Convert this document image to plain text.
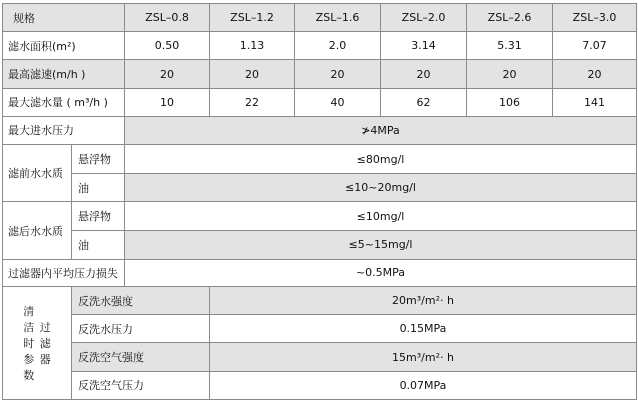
规格		ZSL–0.8	ZSL–1.2	ZSL–1.6	ZSL–2.0	ZSL–2.6	ZSL–3.0
滤水面积(m²)		0.50	1.13	2.0	3.14	5.31	7.07
最高滤速(m/h )		20	20	20	20	20	20
最大滤水量 ( m³/h )		10	22	40	62	106	141
最大进水压力		≯4MPa					
滤前水水质	悬浮物	≤80mg/l					
	油	≤10~20mg/l					
滤后水水质	悬浮物	≤10mg/l					
	油	≤5~15mg/l					
过滤器内平均压力损失		~0.5MPa					
清洁时参数 过滤器	反洗水强度		20m³/m²· h				
	反洗水压力		0.15MPa				
	反洗空气强度		15m³/m²· h				
	反洗空气压力		0.07MPa				
